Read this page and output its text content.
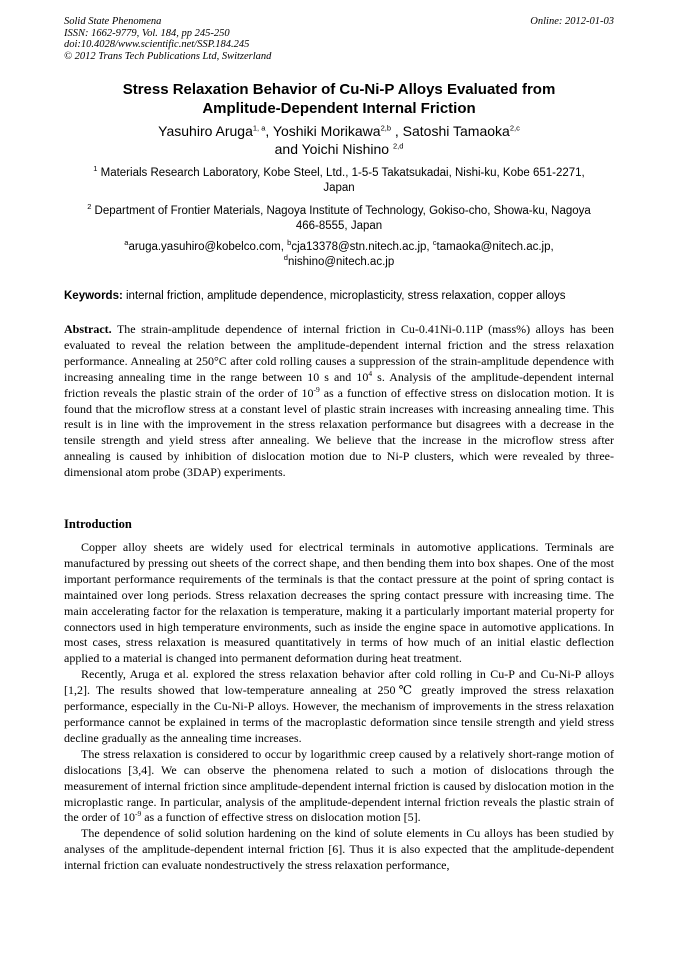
Solid State Phenomena
ISSN: 1662-9779, Vol. 184, pp 245-250
doi:10.4028/www.scientific.net/SSP.184.245
© 2012 Trans Tech Publications Ltd, Switzerland
Online: 2012-01-03
Stress Relaxation Behavior of Cu-Ni-P Alloys Evaluated from
Amplitude-Dependent Internal Friction
Yasuhiro Aruga$^{1, a}$, Yoshiki Morikawa$^{2,b}$ , Satoshi Tamaoka$^{2,c}$
and Yoichi Nishino $^{2,d}$
$^1$ Materials Research Laboratory, Kobe Steel, Ltd., 1-5-5 Takatsukadai, Nishi-ku, Kobe 651-2271,
Japan
$^2$ Department of Frontier Materials, Nagoya Institute of Technology, Gokiso-cho, Showa-ku, Nagoya
466-8555, Japan
$^a$aruga.yasuhiro@kobelco.com, $^b$cja13378@stn.nitech.ac.jp, $^c$tamaoka@nitech.ac.jp,
$^d$nishino@nitech.ac.jp
Keywords: internal friction, amplitude dependence, microplasticity, stress relaxation, copper alloys
Abstract. The strain-amplitude dependence of internal friction in Cu-0.41Ni-0.11P (mass%) alloys has been evaluated to reveal the relation between the amplitude-dependent internal friction and the stress relaxation performance. Annealing at 250°C after cold rolling causes a suppression of the strain-amplitude dependence with increasing annealing time in the range between 10 s and $10^4$ s. Analysis of the amplitude-dependent internal friction reveals the plastic strain of the order of $10^{-9}$ as a function of effective stress on dislocation motion. It is found that the microflow stress at a constant level of plastic strain increases with increasing annealing time. This result is in line with the improvement in the stress relaxation performance but disagrees with a decrease in the tensile strength and yield stress after annealing. We believe that the increase in the microflow stress after annealing is caused by inhibition of dislocation motion due to Ni-P clusters, which were revealed by three-dimensional atom probe (3DAP) experiments.
Introduction

Copper alloy sheets are widely used for electrical terminals in automotive applications. Terminals are manufactured by pressing out sheets of the correct shape, and then bending them into box shapes. One of the most important performance requirements of the terminals is that the contact pressure at the point of spring contact is maintained over long periods. Stress relaxation decreases the spring contact pressure with increasing time. The main accelerating factor for the relaxation is temperature, making it a particularly important material property for connectors used in high temperature environments, such as inside the engine space in automotive applications. In most cases, stress relaxation is measured quantitatively in terms of how much of an initial elastic deflection applied to a material is changed into permanent deformation during heat treatment.

Recently, Aruga et al. explored the stress relaxation behavior after cold rolling in Cu-P and Cu-Ni-P alloys [1,2]. The results showed that low-temperature annealing at 250℃ greatly improved the stress relaxation performance, especially in the Cu-Ni-P alloys. However, the mechanism of improvements in the stress relaxation performance cannot be explained in terms of the macroplastic deformation since tensile strength and yield stress decline gradually as the annealing time increases.

The stress relaxation is considered to occur by logarithmic creep caused by a relatively short-range motion of dislocations [3,4]. We can observe the phenomena related to such a motion of dislocations through the measurement of internal friction since amplitude-dependent internal friction is caused by dislocation motion in the microplastic range. In particular, analysis of the amplitude-dependent internal friction reveals the plastic strain of the order of $10^{-9}$ as a function of effective stress on dislocation motion [5].

The dependence of solid solution hardening on the kind of solute elements in Cu alloys has been studied by analyses of the amplitude-dependent internal friction [6]. Thus it is also expected that the amplitude-dependent internal friction can evaluate nondestructively the stress relaxation performance,
